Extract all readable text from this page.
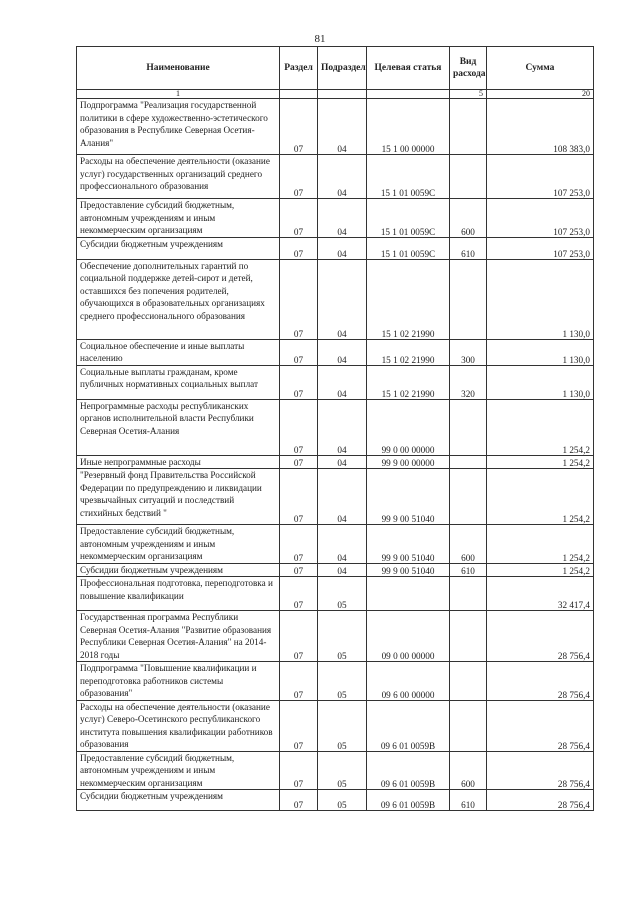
81
Наименование	Раздел	Подраздел	Целевая статья	Вид расхода	Сумма
1				5	20
Подпрограмма "Реализация государственной политики в сфере художественно-эстетического образования в Республике Северная Осетия-Алания"	07	04	15 1 00 00000		108 383,0
Расходы на обеспечение деятельности (оказание услуг) государственных организаций среднего профессионального образования	07	04	15 1 01 0059С		107 253,0
Предоставление субсидий бюджетным, автономным учреждениям и иным некоммерческим организациям	07	04	15 1 01 0059С	600	107 253,0
Субсидии бюджетным учреждениям	07	04	15 1 01 0059С	610	107 253,0
Обеспечение дополнительных гарантий по социальной поддержке детей-сирот и детей, оставшихся без попечения родителей, обучающихся в образовательных организациях среднего профессионального образования	07	04	15 1 02 21990		1 130,0
Социальное обеспечение и иные выплаты населению	07	04	15 1 02 21990	300	1 130,0
Социальные выплаты гражданам, кроме публичных нормативных социальных выплат	07	04	15 1 02 21990	320	1 130,0
Непрограммные расходы республиканских органов исполнительной власти Республики Северная Осетия-Алания	07	04	99 0 00 00000		1 254,2
Иные непрограммные расходы	07	04	99 9 00 00000		1 254,2
"Резервный фонд Правительства Российской Федерации по предупреждению и ликвидации чрезвычайных ситуаций и последствий стихийных бедствий "	07	04	99 9 00 51040		1 254,2
Предоставление субсидий бюджетным, автономным учреждениям и иным некоммерческим организациям	07	04	99 9 00 51040	600	1 254,2
Субсидии бюджетным учреждениям	07	04	99 9 00 51040	610	1 254,2
Профессиональная подготовка, переподготовка и повышение квалификации	07	05			32 417,4
Государственная программа Республики Северная Осетия-Алания "Развитие образования Республики Северная Осетия-Алания" на 2014-2018 годы	07	05	09 0 00 00000		28 756,4
Подпрограмма "Повышение квалификации и переподготовка работников системы образования"	07	05	09 6 00 00000		28 756,4
Расходы на обеспечение деятельности (оказание услуг) Северо-Осетинского республиканского института повышения квалификации работников образования	07	05	09 6 01 0059В		28 756,4
Предоставление субсидий бюджетным, автономным учреждениям и иным некоммерческим организациям	07	05	09 6 01 0059В	600	28 756,4
Субсидии бюджетным учреждениям	07	05	09 6 01 0059В	610	28 756,4
